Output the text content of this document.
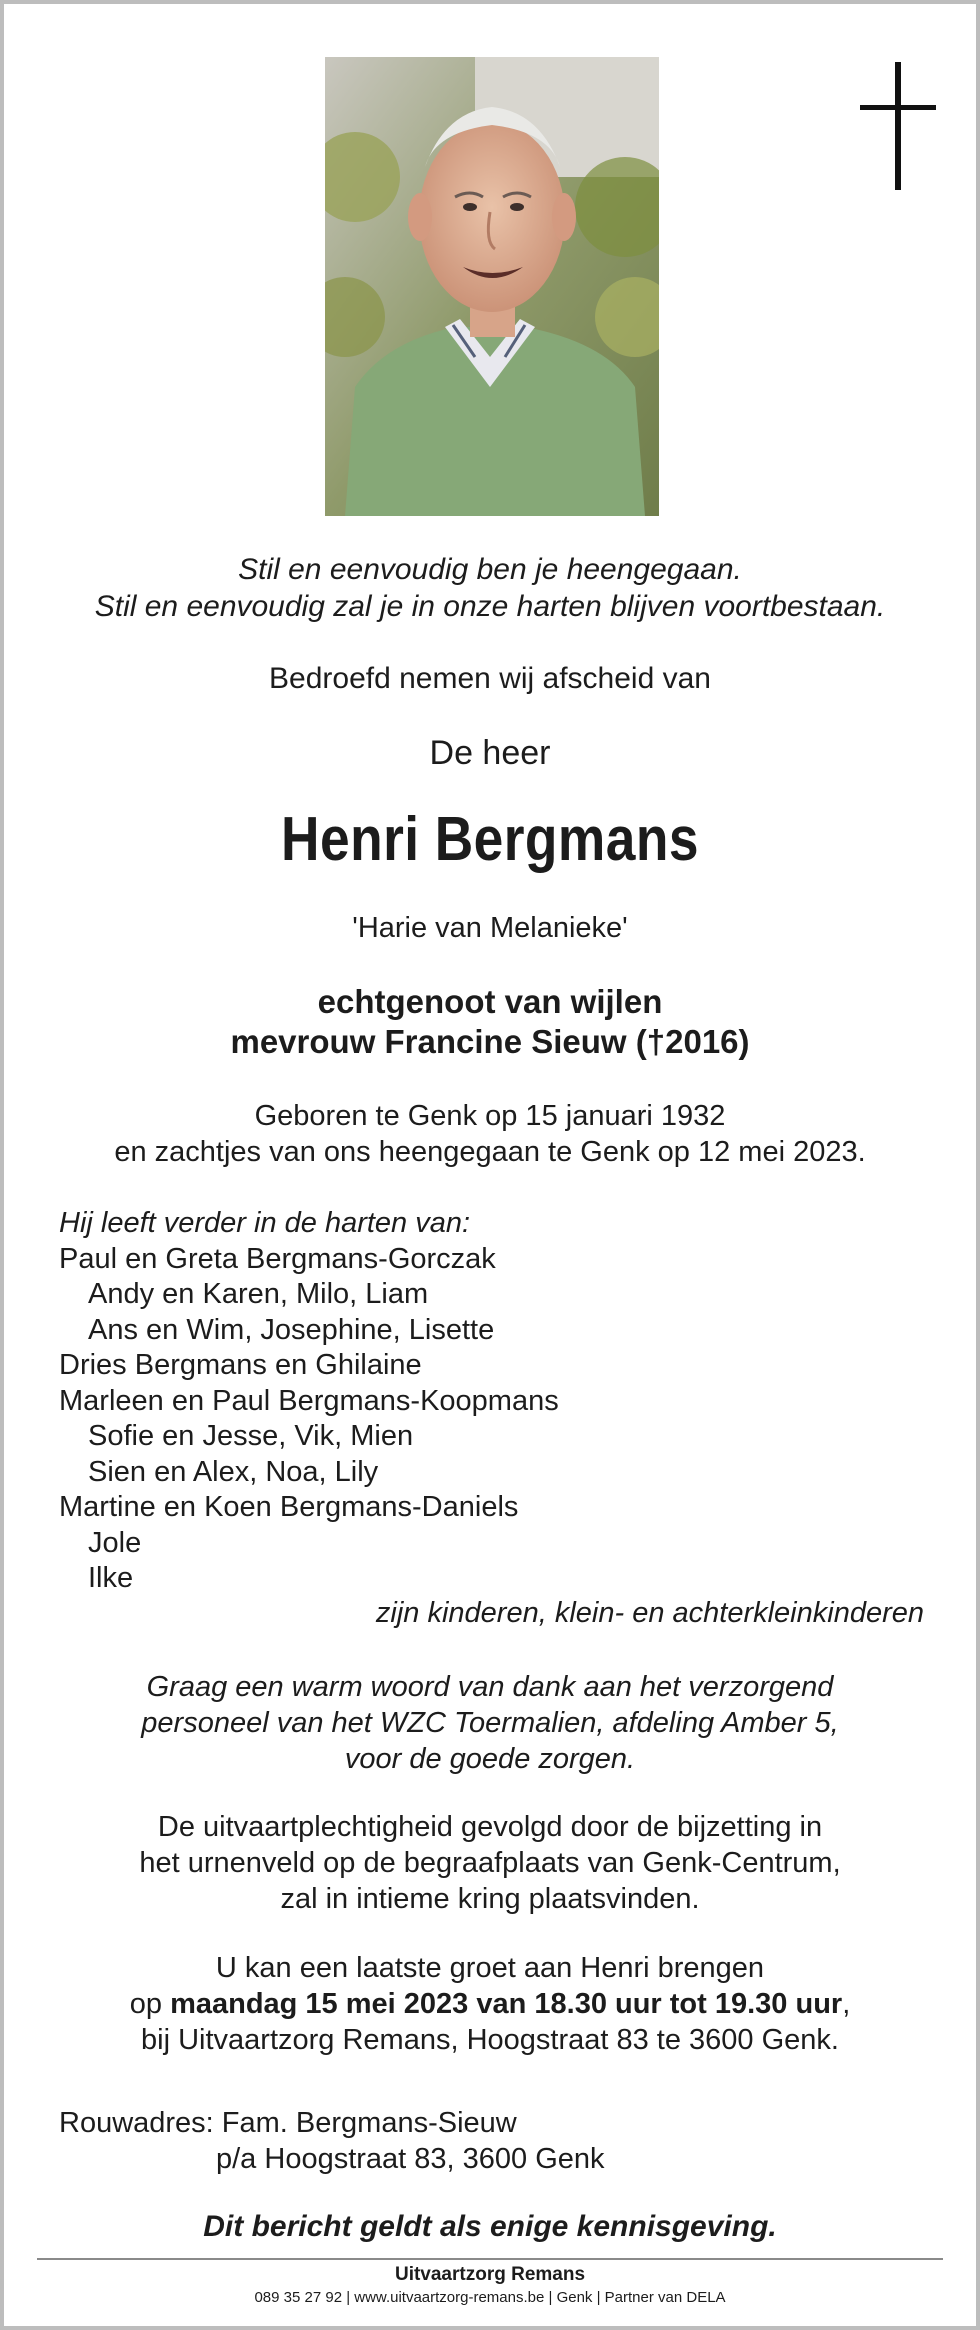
Stil en eenvoudig ben je heengegaan.
Stil en eenvoudig zal je in onze harten blijven voortbestaan.
Bedroefd nemen wij afscheid van
De heer
Henri Bergmans
'Harie van Melanieke'
echtgenoot van wijlen
mevrouw Francine Sieuw (†2016)
Geboren te Genk op 15 januari 1932
en zachtjes van ons heengegaan te Genk op 12 mei 2023.
Hij leeft verder in de harten van:
Paul en Greta Bergmans-Gorczak
Andy en Karen, Milo, Liam
Ans en Wim, Josephine, Lisette
Dries Bergmans en Ghilaine
Marleen en Paul Bergmans-Koopmans
Sofie en Jesse, Vik, Mien
Sien en Alex, Noa, Lily
Martine en Koen Bergmans-Daniels
Jole
Ilke
zijn kinderen, klein- en achterkleinkinderen
Graag een warm woord van dank aan het verzorgend
personeel van het WZC Toermalien, afdeling Amber 5,
voor de goede zorgen.
De uitvaartplechtigheid gevolgd door de bijzetting in
het urnenveld op de begraafplaats van Genk-Centrum,
zal in intieme kring plaatsvinden.
U kan een laatste groet aan Henri brengen
op maandag 15 mei 2023 van 18.30 uur tot 19.30 uur,
bij Uitvaartzorg Remans, Hoogstraat 83 te 3600 Genk.
Rouwadres: Fam. Bergmans-Sieuw
p/a Hoogstraat 83, 3600 Genk
Dit bericht geldt als enige kennisgeving.
Uitvaartzorg Remans
089 35 27 92 | www.uitvaartzorg-remans.be | Genk | Partner van DELA
